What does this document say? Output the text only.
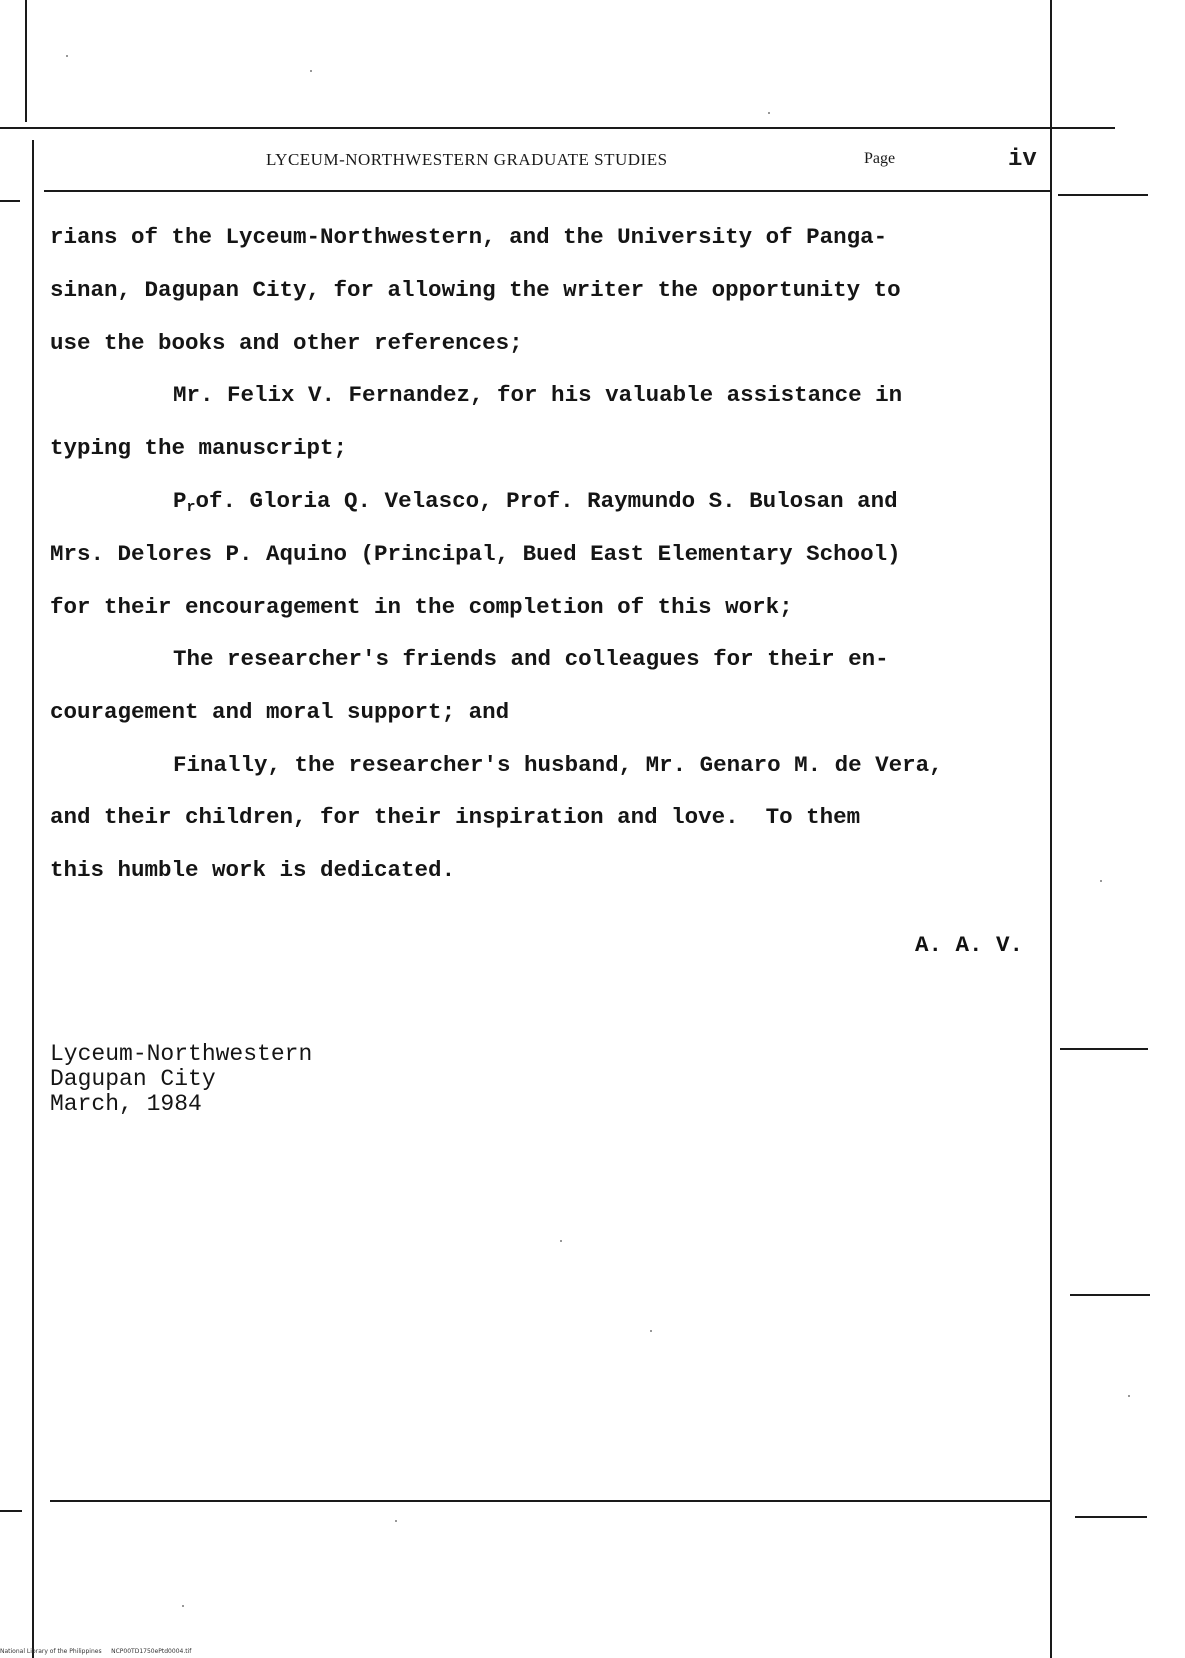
LYCEUM-NORTHWESTERN GRADUATE STUDIES	Page	iv
rians of the Lyceum-Northwestern, and the University of Panga-
sinan, Dagupan City, for allowing the writer the opportunity to
use the books and other references;
Mr. Felix V. Fernandez, for his valuable assistance in
typing the manuscript;
$P_rof$. Gloria Q. Velasco, Prof. Raymundo S. Bulosan and
Mrs. Delores P. Aquino (Principal, Bued East Elementary School)
for their encouragement in the completion of this work;
The researcher's friends and colleagues for their en-
couragement and moral support; and
Finally, the researcher's husband, Mr. Genaro M. de Vera,
and their children, for their inspiration and love.  To them
this humble work is dedicated.
A. A. V.
Lyceum-Northwestern
Dagupan City
March, 1984
National Library of the Philippines     NCP00TD1750ePtd0004.tif
